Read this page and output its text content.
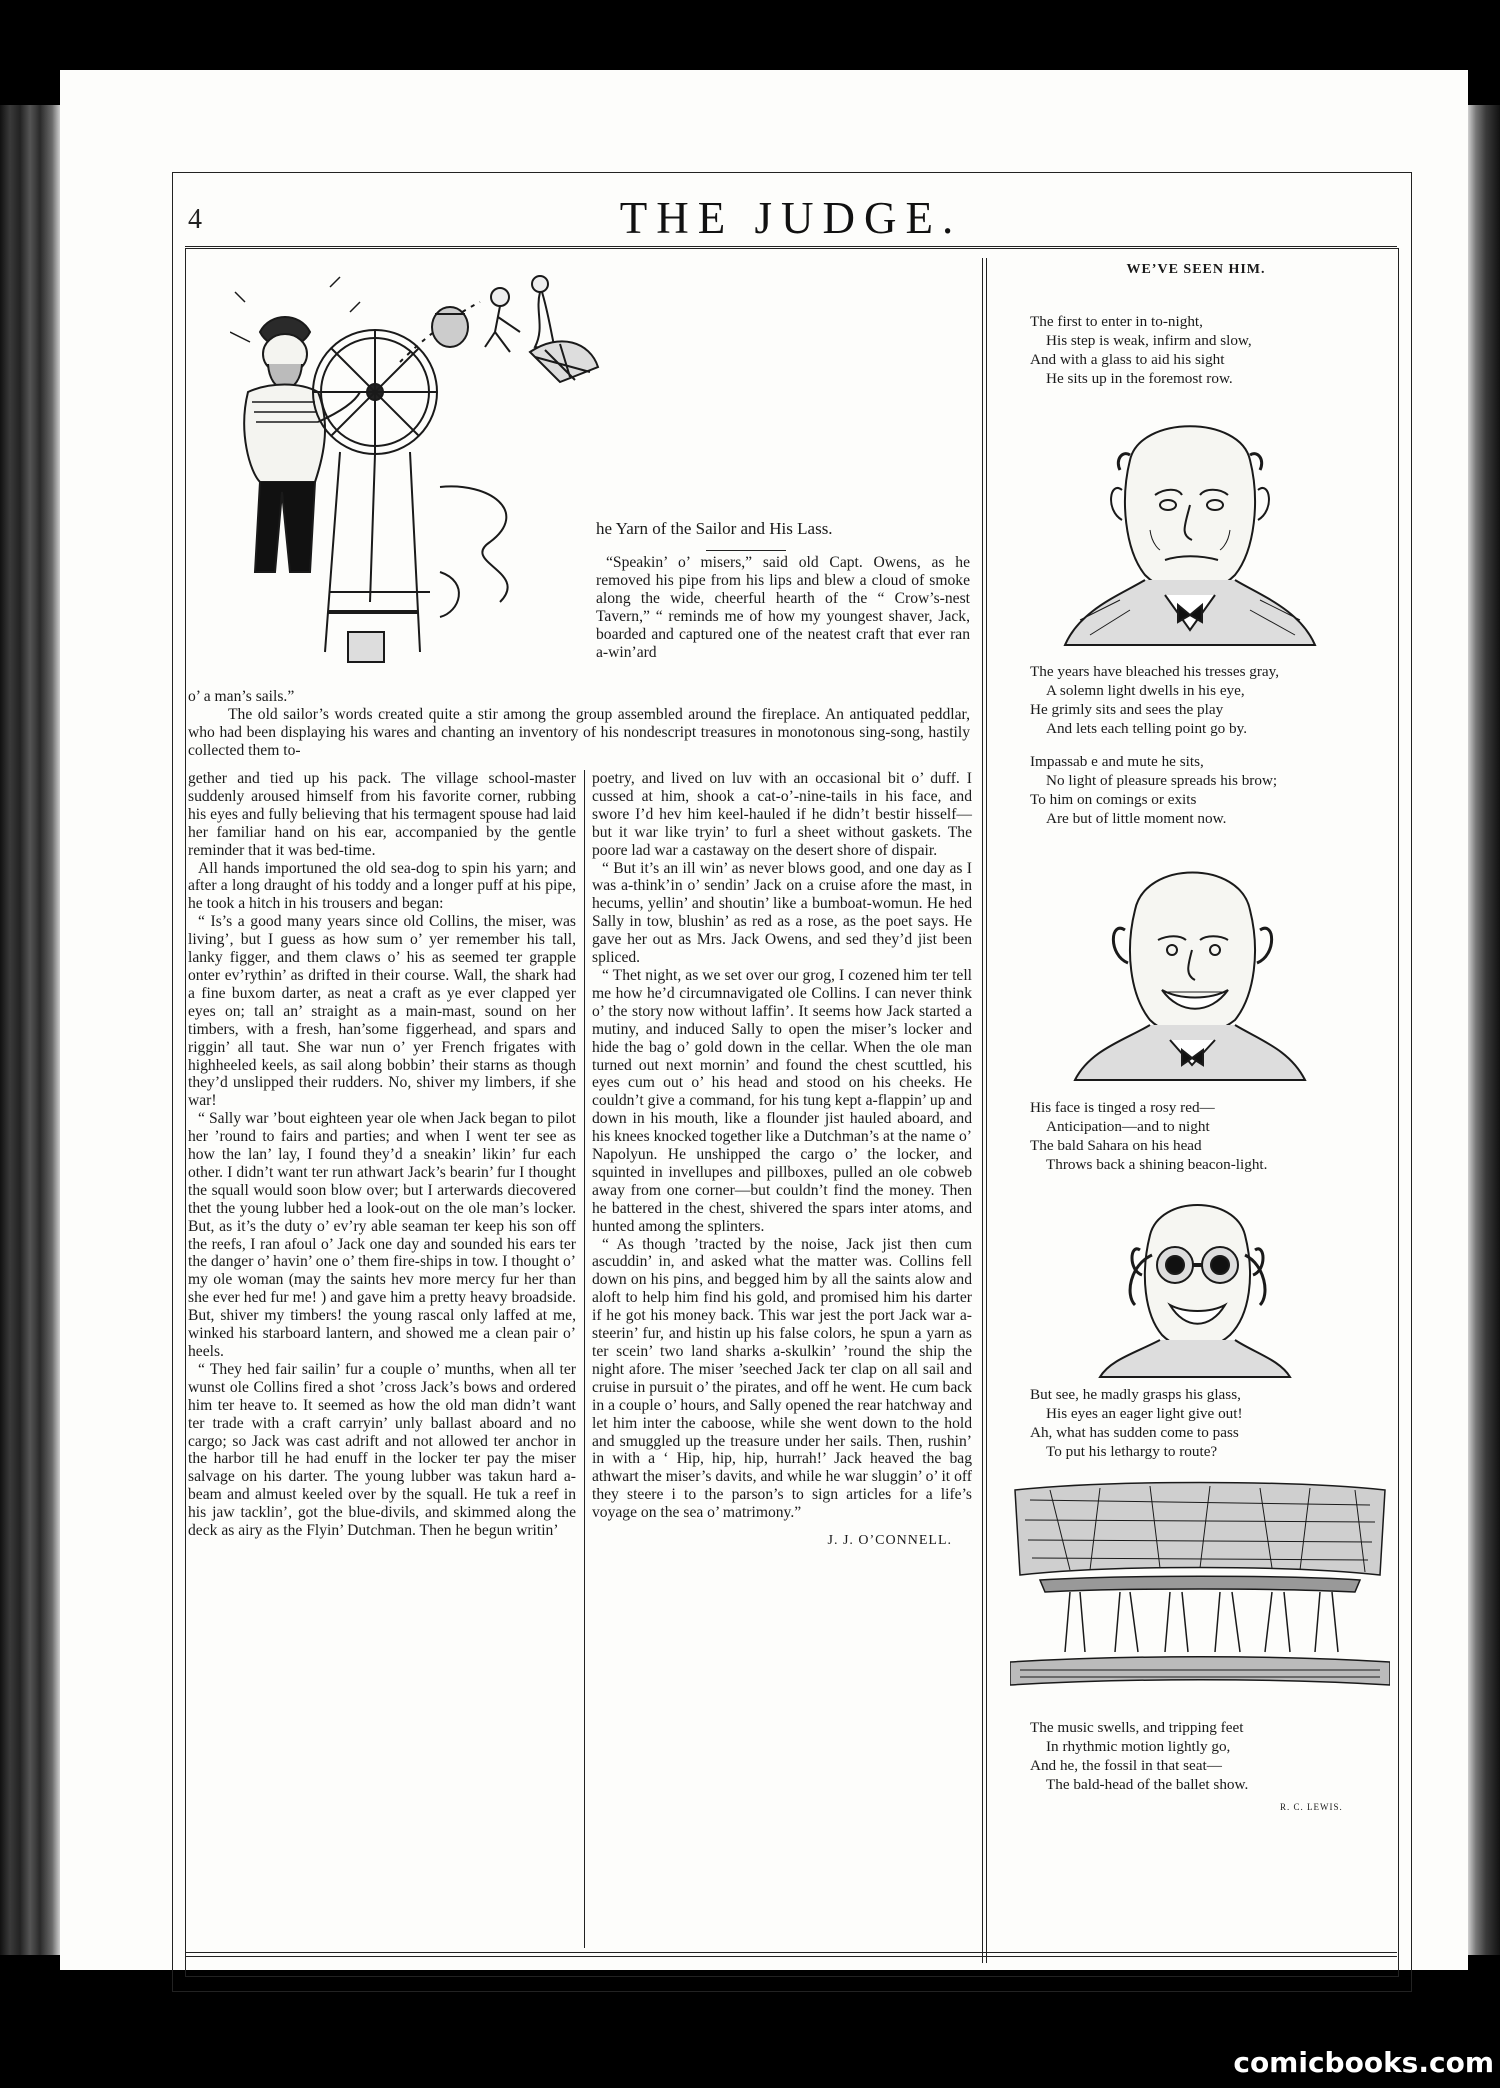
4	THE JUDGE.
he Yarn of the Sailor and His Lass.

“Speakin’ o’ misers,” said old Capt. Owens, as he removed his pipe from his lips and blew a cloud of smoke along the wide, cheerful hearth of the “ Crow’s-nest Tavern,” “ reminds me of how my youngest shaver, Jack, boarded and captured one of the neatest craft that ever ran a-win’ard

o’ a man’s sails.”

The old sailor’s words created quite a stir among the group assembled around the fireplace. An antiquated peddlar, who had been displaying his wares and chanting an inventory of his nondescript treasures in monotonous sing-song, hastily collected them to-

gether and tied up his pack. The village school-master suddenly aroused himself from his favorite corner, rubbing his eyes and fully believing that his termagent spouse had laid her familiar hand on his ear, accompanied by the gentle reminder that it was bed-time.

All hands importuned the old sea-dog to spin his yarn; and after a long draught of his toddy and a longer puff at his pipe, he took a hitch in his trousers and began:

“ Is’s a good many years since old Collins, the miser, was living’, but I guess as how sum o’ yer remember his tall, lanky figger, and them claws o’ his as seemed ter grapple onter ev’rythin’ as drifted in their course. Wall, the shark had a fine buxom darter, as neat a craft as ye ever clapped yer eyes on; tall an’ straight as a main-mast, sound on her timbers, with a fresh, han’some figgerhead, and spars and riggin’ all taut. She war nun o’ yer French frigates with highheeled keels, as sail along bobbin’ their starns as though they’d unslipped their rudders. No, shiver my limbers, if she war!

“ Sally war ’bout eighteen year ole when Jack began to pilot her ’round to fairs and parties; and when I went ter see as how the lan’ lay, I found they’d a sneakin’ likin’ fur each other. I didn’t want ter run athwart Jack’s bearin’ fur I thought the squall would soon blow over; but I arterwards diecovered thet the young lubber hed a look-out on the ole man’s locker. But, as it’s the duty o’ ev’ry able seaman ter keep his son off the reefs, I ran afoul o’ Jack one day and sounded his ears ter the danger o’ havin’ one o’ them fire-ships in tow. I thought o’ my ole woman (may the saints hev more mercy fur her than she ever hed fur me! ) and gave him a pretty heavy broadside. But, shiver my timbers! the young rascal only laffed at me, winked his starboard lantern, and showed me a clean pair o’ heels.

“ They hed fair sailin’ fur a couple o’ munths, when all ter wunst ole Collins fired a shot ’cross Jack’s bows and ordered him ter heave to. It seemed as how the old man didn’t want ter trade with a craft carryin’ unly ballast aboard and no cargo; so Jack was cast adrift and not allowed ter anchor in the harbor till he had enuff in the locker ter pay the miser salvage on his darter. The young lubber was takun hard a-beam and almust keeled over by the squall. He tuk a reef in his jaw tacklin’, got the blue-divils, and skimmed along the deck as airy as the Flyin’ Dutchman. Then he begun writin’

poetry, and lived on luv with an occasional bit o’ duff. I cussed at him, shook a cat-o’-nine-tails in his face, and swore I’d hev him keel-hauled if he didn’t bestir hisself—but it war like tryin’ to furl a sheet without gaskets. The poore lad war a castaway on the desert shore of dispair.

“ But it’s an ill win’ as never blows good, and one day as I was a-think’in o’ sendin’ Jack on a cruise afore the mast, in hecums, yellin’ and shoutin’ like a bumboat-womun. He hed Sally in tow, blushin’ as red as a rose, as the poet says. He gave her out as Mrs. Jack Owens, and sed they’d jist been spliced.

“ Thet night, as we set over our grog, I cozened him ter tell me how he’d circumnavigated ole Collins. I can never think o’ the story now without laffin’. It seems how Jack started a mutiny, and induced Sally to open the miser’s locker and hide the bag o’ gold down in the cellar. When the ole man turned out next mornin’ and found the chest scuttled, his eyes cum out o’ his head and stood on his cheeks. He couldn’t give a command, for his tung kept a-flappin’ up and down in his mouth, like a flounder jist hauled aboard, and his knees knocked together like a Dutchman’s at the name o’ Napolyun. He unshipped the cargo o’ the locker, and squinted in invellupes and pillboxes, pulled an ole cobweb away from one corner—but couldn’t find the money. Then he battered in the chest, shivered the spars inter atoms, and hunted among the splinters.

“ As though ’tracted by the noise, Jack jist then cum ascuddin’ in, and asked what the matter was. Collins fell down on his pins, and begged him by all the saints alow and aloft to help him find his gold, and promised him his darter if he got his money back. This war jest the port Jack war a-steerin’ fur, and histin up his false colors, he spun a yarn as ter scein’ two land sharks a-skulkin’ ’round the ship the night afore. The miser ’seeched Jack ter clap on all sail and cruise in pursuit o’ the pirates, and off he went. He cum back in a couple o’ hours, and Sally opened the rear hatchway and let him inter the caboose, while she went down to the hold and smuggled up the treasure under her sails. Then, rushin’ in with a ‘ Hip, hip, hip, hurrah!’ Jack heaved the bag athwart the miser’s davits, and while he war sluggin’ o’ it off they steere i to the parson’s to sign articles for a life’s voyage on the sea o’ matrimony.”

J. J. O’CONNELL.
WE’VE SEEN HIM.
The first to enter in to-night,
His step is weak, infirm and slow,
And with a glass to aid his sight
He sits up in the foremost row.
The years have bleached his tresses gray,
A solemn light dwells in his eye,
He grimly sits and sees the play
And lets each telling point go by.
Impassab e and mute he sits,
No light of pleasure spreads his brow;
To him on comings or exits
Are but of little moment now.
His face is tinged a rosy red—
Anticipation—and to night
The bald Sahara on his head
Throws back a shining beacon-light.
But see, he madly grasps his glass,
His eyes an eager light give out!
Ah, what has sudden come to pass
To put his lethargy to route?
The music swells, and tripping feet
In rhythmic motion lightly go,
And he, the fossil in that seat—
The bald-head of the ballet show.
R. C. LEWIS.
comicbooks.com
